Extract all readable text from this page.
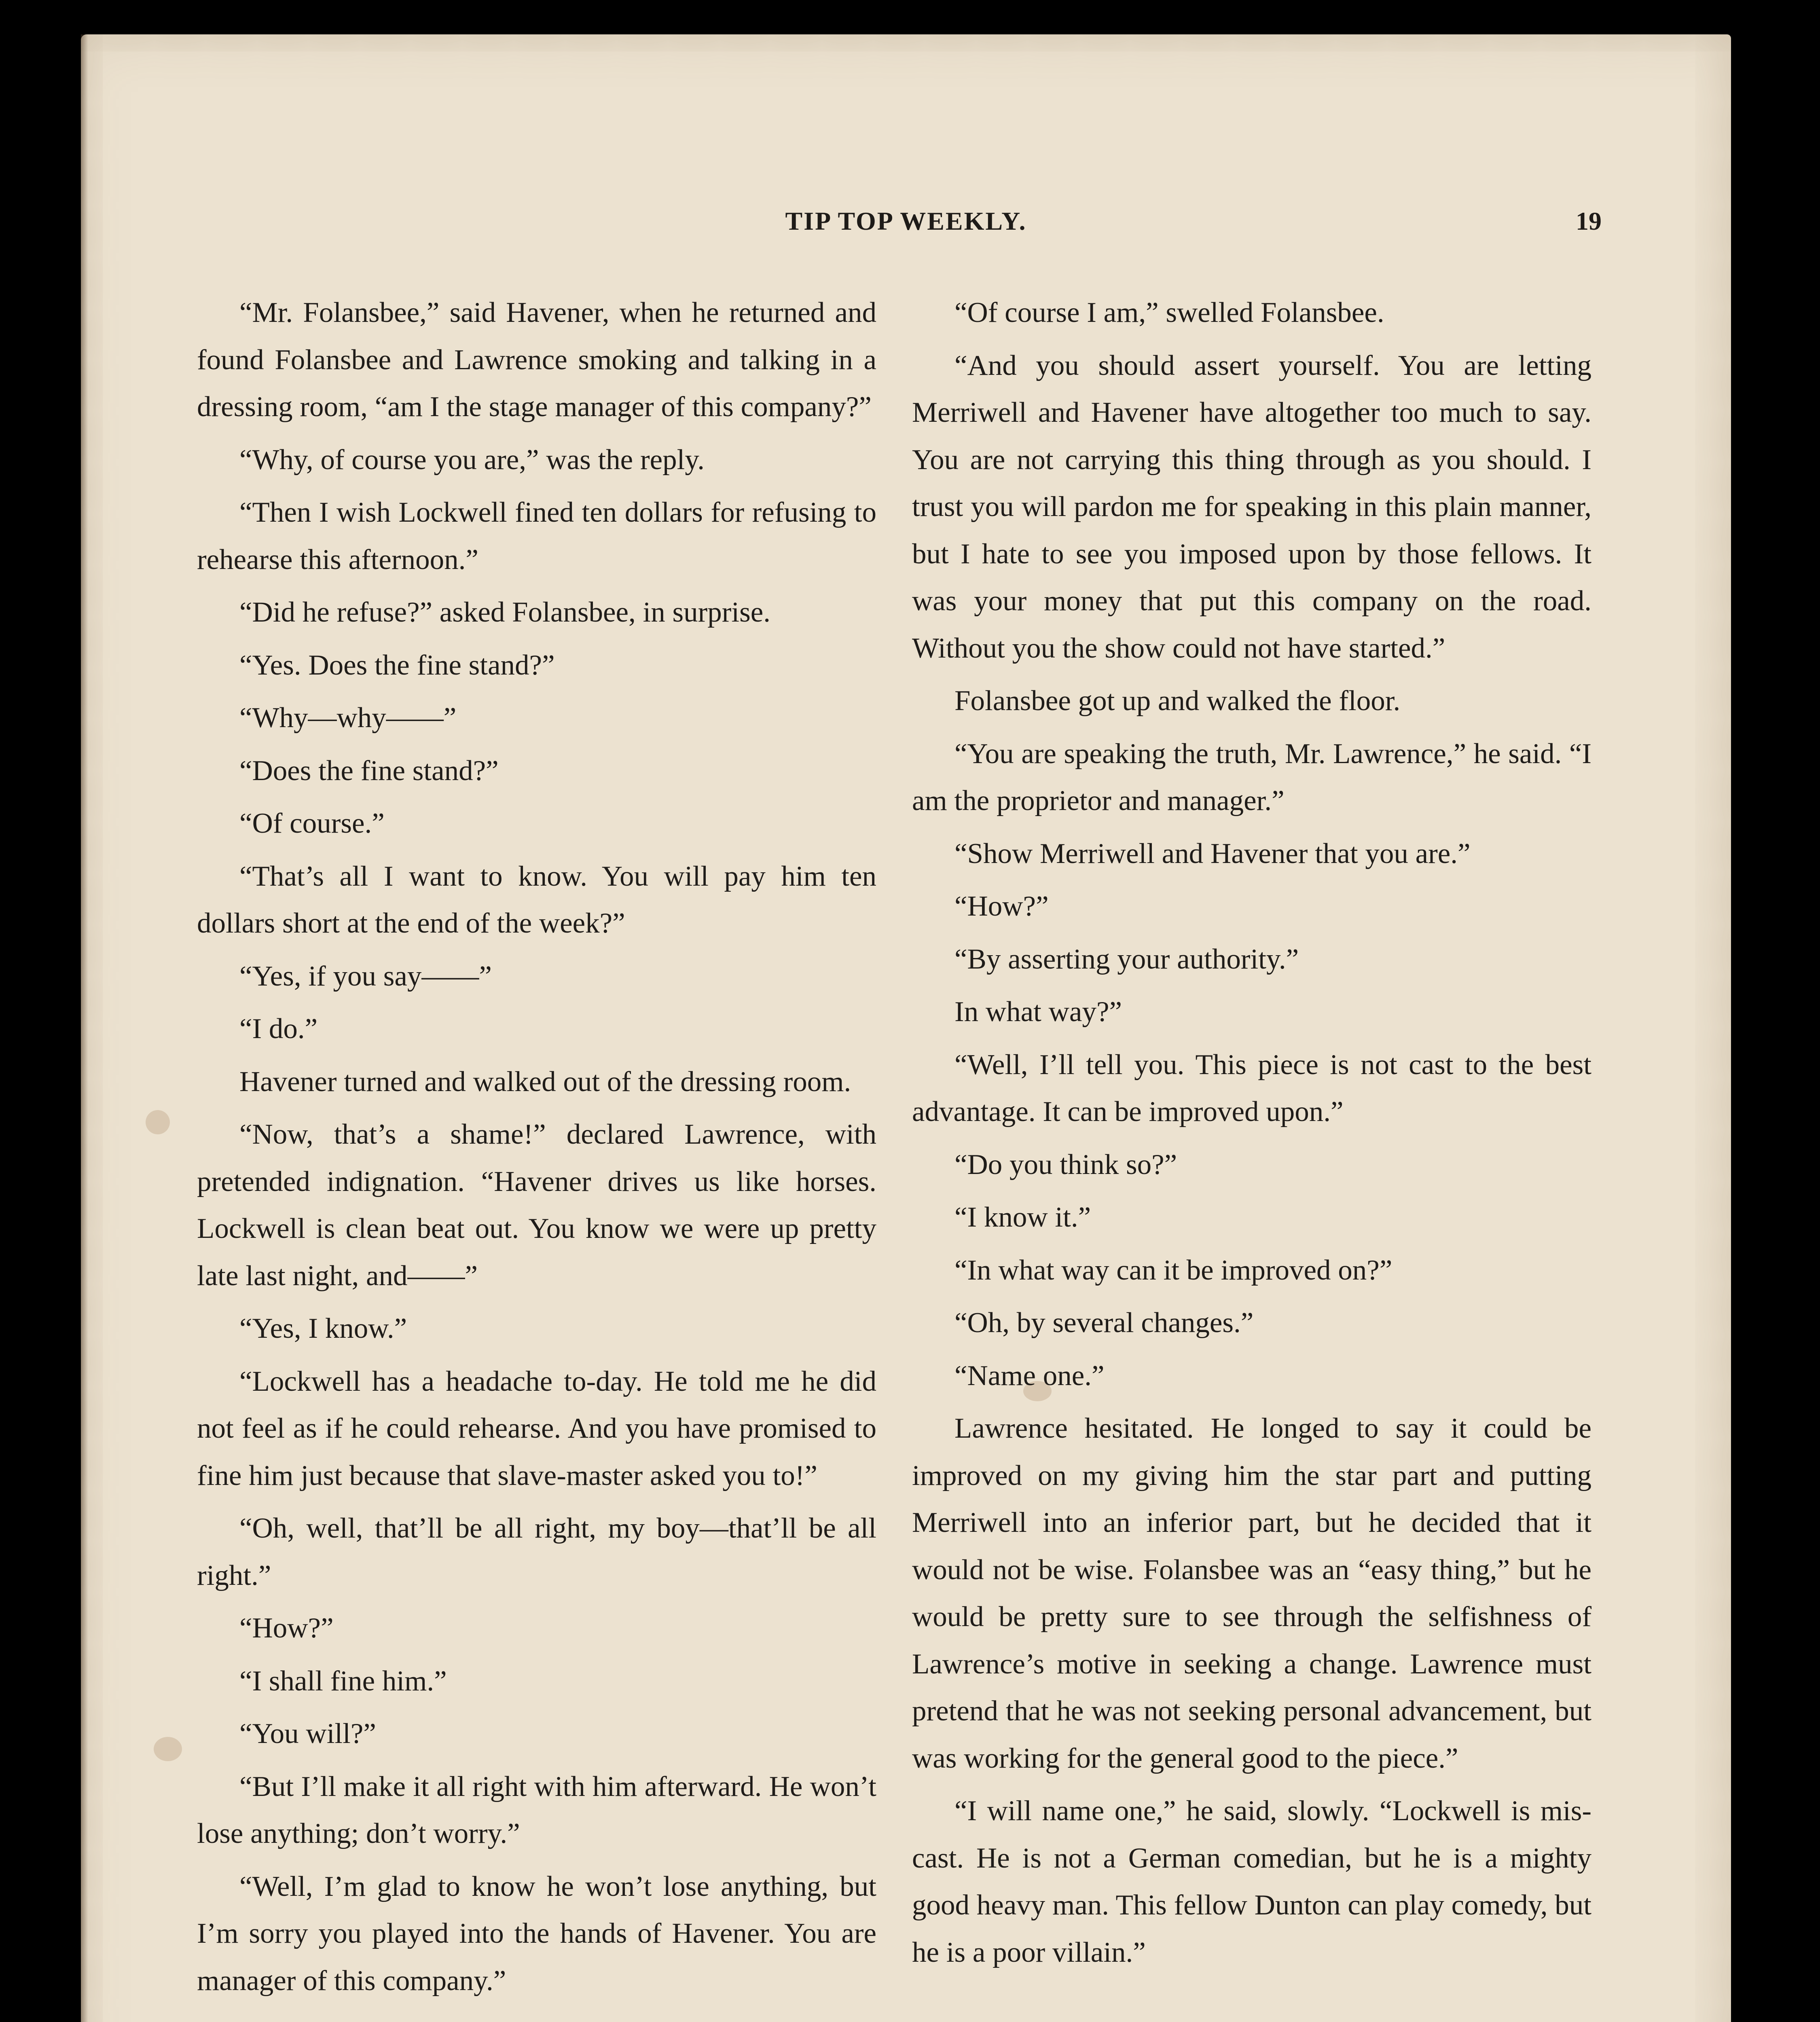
TIP TOP WEEKLY.	19

“Mr. Folansbee,” said Havener, when he returned and found Folansbee and Lawrence smoking and talking in a dressing room, “am I the stage manager of this company?”

“Why, of course you are,” was the reply.

“Then I wish Lockwell fined ten dollars for refusing to rehearse this afternoon.”

“Did he refuse?” asked Folansbee, in surprise.

“Yes. Does the fine stand?”

“Why—why——”

“Does the fine stand?”

“Of course.”

“That’s all I want to know. You will pay him ten dollars short at the end of the week?”

“Yes, if you say——”

“I do.”

Havener turned and walked out of the dressing room.

“Now, that’s a shame!” declared Lawrence, with pretended indignation. “Havener drives us like horses. Lockwell is clean beat out. You know we were up pretty late last night, and——”

“Yes, I know.”

“Lockwell has a headache to-day. He told me he did not feel as if he could rehearse. And you have promised to fine him just because that slave-master asked you to!”

“Oh, well, that’ll be all right, my boy—that’ll be all right.”

“How?”

“I shall fine him.”

“You will?”

“But I’ll make it all right with him afterward. He won’t lose anything; don’t worry.”

“Well, I’m glad to know he won’t lose anything, but I’m sorry you played into the hands of Havener. You are manager of this company.”

“Of course I am,” swelled Folansbee.

“And you should assert yourself. You are letting Merriwell and Havener have altogether too much to say. You are not carrying this thing through as you should. I trust you will pardon me for speaking in this plain manner, but I hate to see you imposed upon by those fellows. It was your money that put this company on the road. Without you the show could not have started.”

Folansbee got up and walked the floor.

“You are speaking the truth, Mr. Lawrence,” he said. “I am the proprietor and manager.”

“Show Merriwell and Havener that you are.”

“How?”

“By asserting your authority.”

In what way?”

“Well, I’ll tell you. This piece is not cast to the best advantage. It can be improved upon.”

“Do you think so?”

“I know it.”

“In what way can it be improved on?”

“Oh, by several changes.”

“Name one.”

Lawrence hesitated. He longed to say it could be improved on my giving him the star part and putting Merriwell into an inferior part, but he decided that it would not be wise. Folansbee was an “easy thing,” but he would be pretty sure to see through the selfishness of Lawrence’s motive in seeking a change. Lawrence must pretend that he was not seeking personal advancement, but was working for the general good to the piece.”

“I will name one,” he said, slowly. “Lockwell is mis-cast. He is not a German comedian, but he is a mighty good heavy man. This fellow Dunton can play comedy, but he is a poor villain.”
